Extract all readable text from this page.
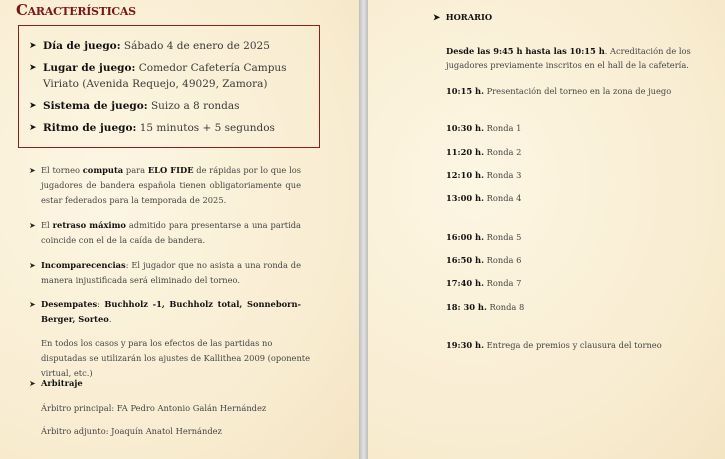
Características
➤ Día de juego: Sábado 4 de enero de 2025
➤ Lugar de juego: Comedor Cafetería Campus Viriato (Avenida Requejo, 49029, Zamora)
➤ Sistema de juego: Suizo a 8 rondas
➤ Ritmo de juego: 15 minutos + 5 segundos
➤ El torneo computa para ELO FIDE de rápidas por lo que los jugadores de bandera española tienen obligatoriamente que estar federados para la temporada de 2025.
➤ El retraso máximo admitido para presentarse a una partida coincide con el de la caída de bandera.
➤ Incomparecencias: El jugador que no asista a una ronda de manera injustificada será eliminado del torneo.
➤ Desempates: Buchholz -1, Buchholz total, Sonneborn-Berger, Sorteo.
En todos los casos y para los efectos de las partidas no disputadas se utilizarán los ajustes de Kallithea 2009 (oponente virtual, etc.)
➤ Arbitraje
Árbitro principal: FA Pedro Antonio Galán Hernández
Árbitro adjunto: Joaquín Anatol Hernández
➤ HORARIO
Desde las 9:45 h hasta las 10:15 h. Acreditación de los jugadores previamente inscritos en el hall de la cafetería.
10:15 h. Presentación del torneo en la zona de juego
10:30 h. Ronda 1
11:20 h. Ronda 2
12:10 h. Ronda 3
13:00 h. Ronda 4
16:00 h. Ronda 5
16:50 h. Ronda 6
17:40 h. Ronda 7
18: 30 h. Ronda 8
19:30 h. Entrega de premios y clausura del torneo
